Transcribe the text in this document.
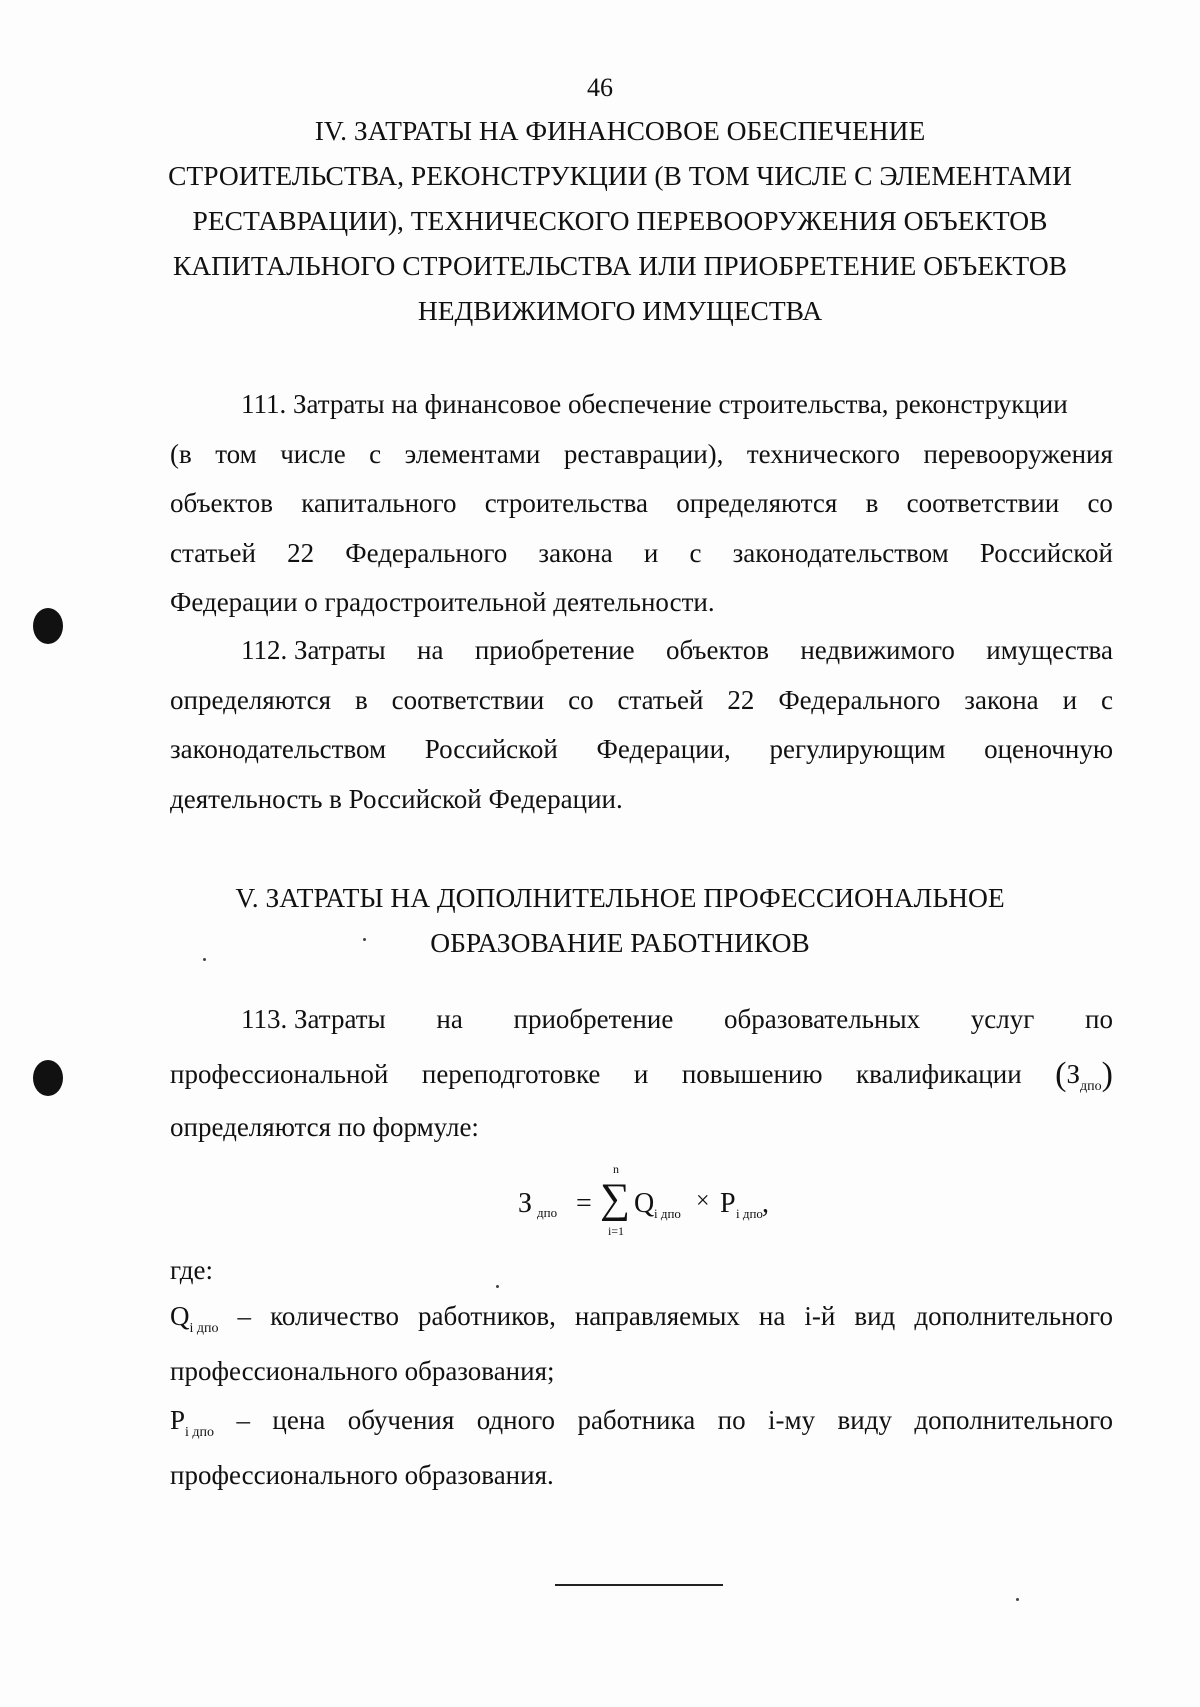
46
IV. ЗАТРАТЫ НА ФИНАНСОВОЕ ОБЕСПЕЧЕНИЕ
СТРОИТЕЛЬСТВА, РЕКОНСТРУКЦИИ (В ТОМ ЧИСЛЕ С ЭЛЕМЕНТАМИ
РЕСТАВРАЦИИ), ТЕХНИЧЕСКОГО ПЕРЕВООРУЖЕНИЯ ОБЪЕКТОВ
КАПИТАЛЬНОГО СТРОИТЕЛЬСТВА ИЛИ ПРИОБРЕТЕНИЕ ОБЪЕКТОВ
НЕДВИЖИМОГО ИМУЩЕСТВА
111. Затраты на финансовое обеспечение строительства, реконструкции
(в том числе с элементами реставрации), технического перевооружения
объектов капитального строительства определяются в соответствии со
статьей 22 Федерального закона и с законодательством Российской
Федерации о градостроительной деятельности.
112. Затраты на приобретение объектов недвижимого имущества
определяются в соответствии со статьей 22 Федерального закона и с
законодательством Российской Федерации, регулирующим оценочную
деятельность в Российской Федерации.
V. ЗАТРАТЫ НА ДОПОЛНИТЕЛЬНОЕ ПРОФЕССИОНАЛЬНОЕ
ОБРАЗОВАНИЕ РАБОТНИКОВ
113. Затраты на приобретение образовательных услуг по
профессиональной переподготовке и повышению квалификации $(З_{дпо})$
определяются по формуле:
З дпо =
n
∑
i=1
Q i дпо × P i дпо ,
где:
$Q_{i дпо}$ – количество работников, направляемых на i-й вид дополнительного
профессионального образования;
$P_{i дпо}$ – цена обучения одного работника по i-му виду дополнительного
профессионального образования.
